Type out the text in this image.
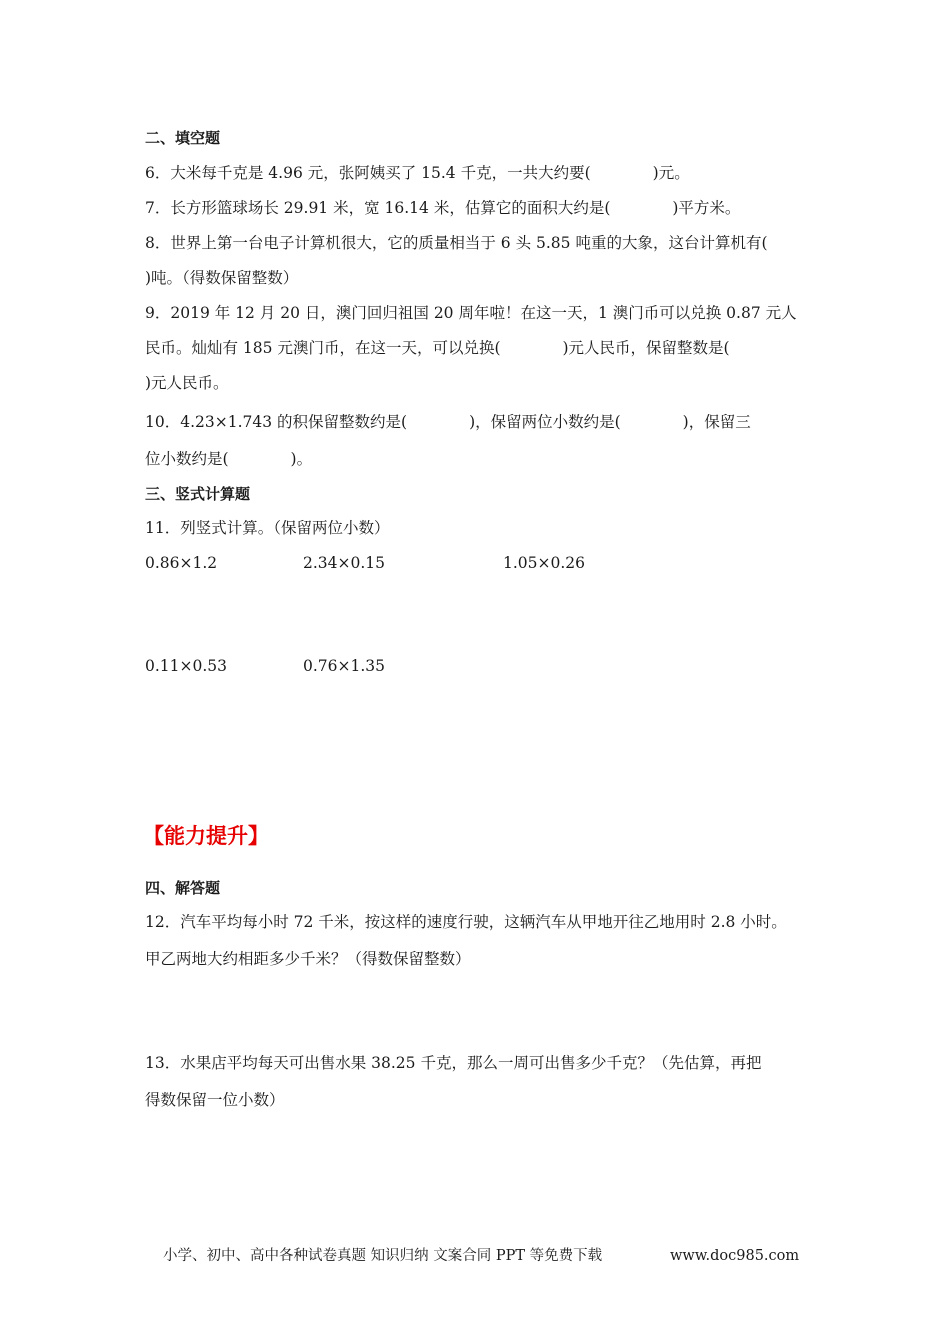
二、填空题
6．大米每千克是 4.96 元，张阿姨买了 15.4 千克，一共大约要(　　　　)元。
7．长方形篮球场长 29.91 米，宽 16.14 米，估算它的面积大约是(　　　　)平方米。
8．世界上第一台电子计算机很大，它的质量相当于 6 头 5.85 吨重的大象，这台计算机有(
)吨。（得数保留整数）
9．2019 年 12 月 20 日，澳门回归祖国 20 周年啦！在这一天，1 澳门币可以兑换 0.87 元人
民币。灿灿有 185 元澳门币，在这一天，可以兑换(　　　　)元人民币，保留整数是(
)元人民币。
10．4.23×1.743 的积保留整数约是(　　　　)，保留两位小数约是(　　　　)，保留三
位小数约是(　　　　)。
三、竖式计算题
11．列竖式计算。（保留两位小数）
0.86×1.2	2.34×0.15	1.05×0.26
0.11×0.53	0.76×1.35
【能力提升】
四、解答题
12．汽车平均每小时 72 千米，按这样的速度行驶，这辆汽车从甲地开往乙地用时 2.8 小时。
甲乙两地大约相距多少千米？（得数保留整数）
13．水果店平均每天可出售水果 38.25 千克，那么一周可出售多少千克？（先估算，再把
得数保留一位小数）
小学、初中、高中各种试卷真题 知识归纳 文案合同 PPT 等免费下载	www.doc985.com
